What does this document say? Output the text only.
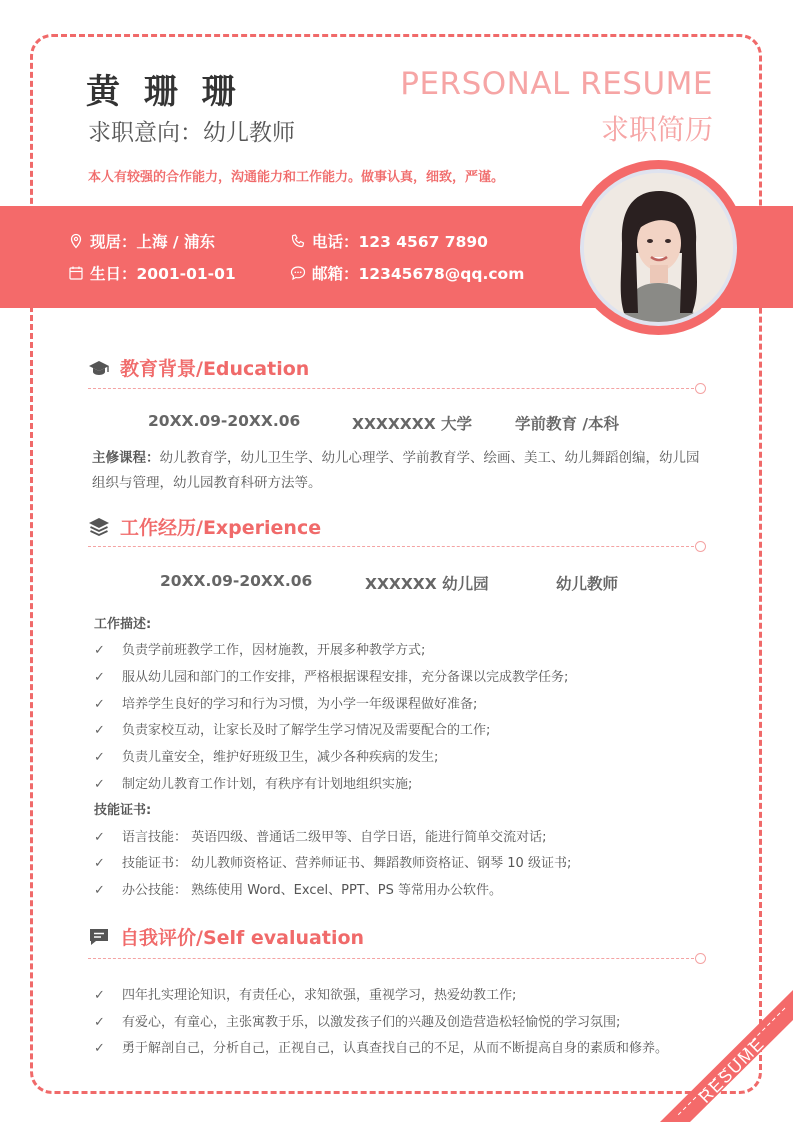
黄 珊 珊
求职意向：幼儿教师
PERSONAL RESUME
求职简历
本人有较强的合作能力，沟通能力和工作能力。做事认真，细致，严谨。
现居：上海 / 浦东	电话：123 4567 7890
生日：2001-01-01	邮箱：12345678@qq.com
教育背景/Education
20XX.09-20XX.06	XXXXXXX 大学	学前教育 /本科
主修课程：幼儿教育学，幼儿卫生学、幼儿心理学、学前教育学、绘画、美工、幼儿舞蹈创编，幼儿园组织与管理，幼儿园教育科研方法等。
工作经历/Experience
20XX.09-20XX.06	XXXXXX 幼儿园	幼儿教师
工作描述:
✓ 负责学前班教学工作，因材施教，开展多种教学方式;
✓ 服从幼儿园和部门的工作安排，严格根据课程安排，充分备课以完成教学任务;
✓ 培养学生良好的学习和行为习惯，为小学一年级课程做好准备;
✓ 负责家校互动，让家长及时了解学生学习情况及需要配合的工作;
✓ 负责儿童安全，维护好班级卫生，减少各种疾病的发生;
✓ 制定幼儿教育工作计划，有秩序有计划地组织实施;
技能证书:
✓ 语言技能： 英语四级、普通话二级甲等、自学日语，能进行简单交流对话;
✓ 技能证书： 幼儿教师资格证、营养师证书、舞蹈教师资格证、钢琴 10 级证书;
✓ 办公技能： 熟练使用 Word、Excel、PPT、PS 等常用办公软件。
自我评价/Self evaluation
✓ 四年扎实理论知识，有责任心，求知欲强，重视学习，热爱幼教工作;
✓ 有爱心，有童心，主张寓教于乐，以激发孩子们的兴趣及创造营造松轻愉悦的学习氛围;
✓ 勇于解剖自己，分析自己，正视自己，认真查找自己的不足，从而不断提高自身的素质和修养。 RESUME
